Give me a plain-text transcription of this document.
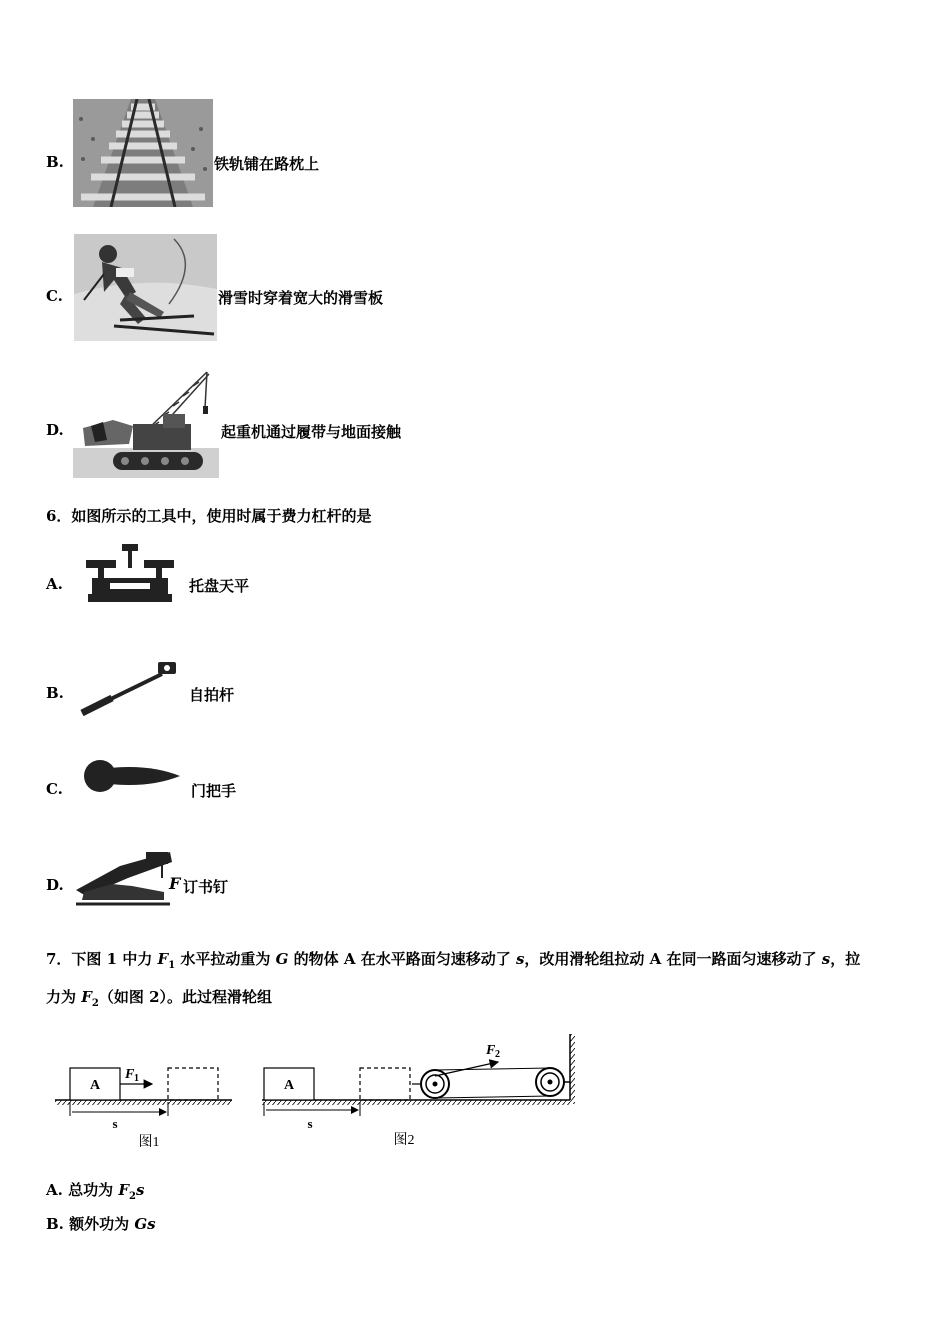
B.	铁轨铺在路枕上
C.	滑雪时穿着宽大的滑雪板
D.	起重机通过履带与地面接触
6．如图所示的工具中，使用时属于费力杠杆的是
A.	托盘天平
B.	自拍杆
C.	门把手
D.	F 订书钉
7．下图 1 中力 $F_1$ 水平拉动重为 G 的物体 A 在水平路面匀速移动了 s，改用滑轮组拉动 A 在同一路面匀速移动了 s，拉
力为 $F_2$（如图 2）。此过程滑轮组
A
F 1
s
图1
A
F 2
s
图2
A. 总功为 $F_2s$
B. 额外功为 Gs
